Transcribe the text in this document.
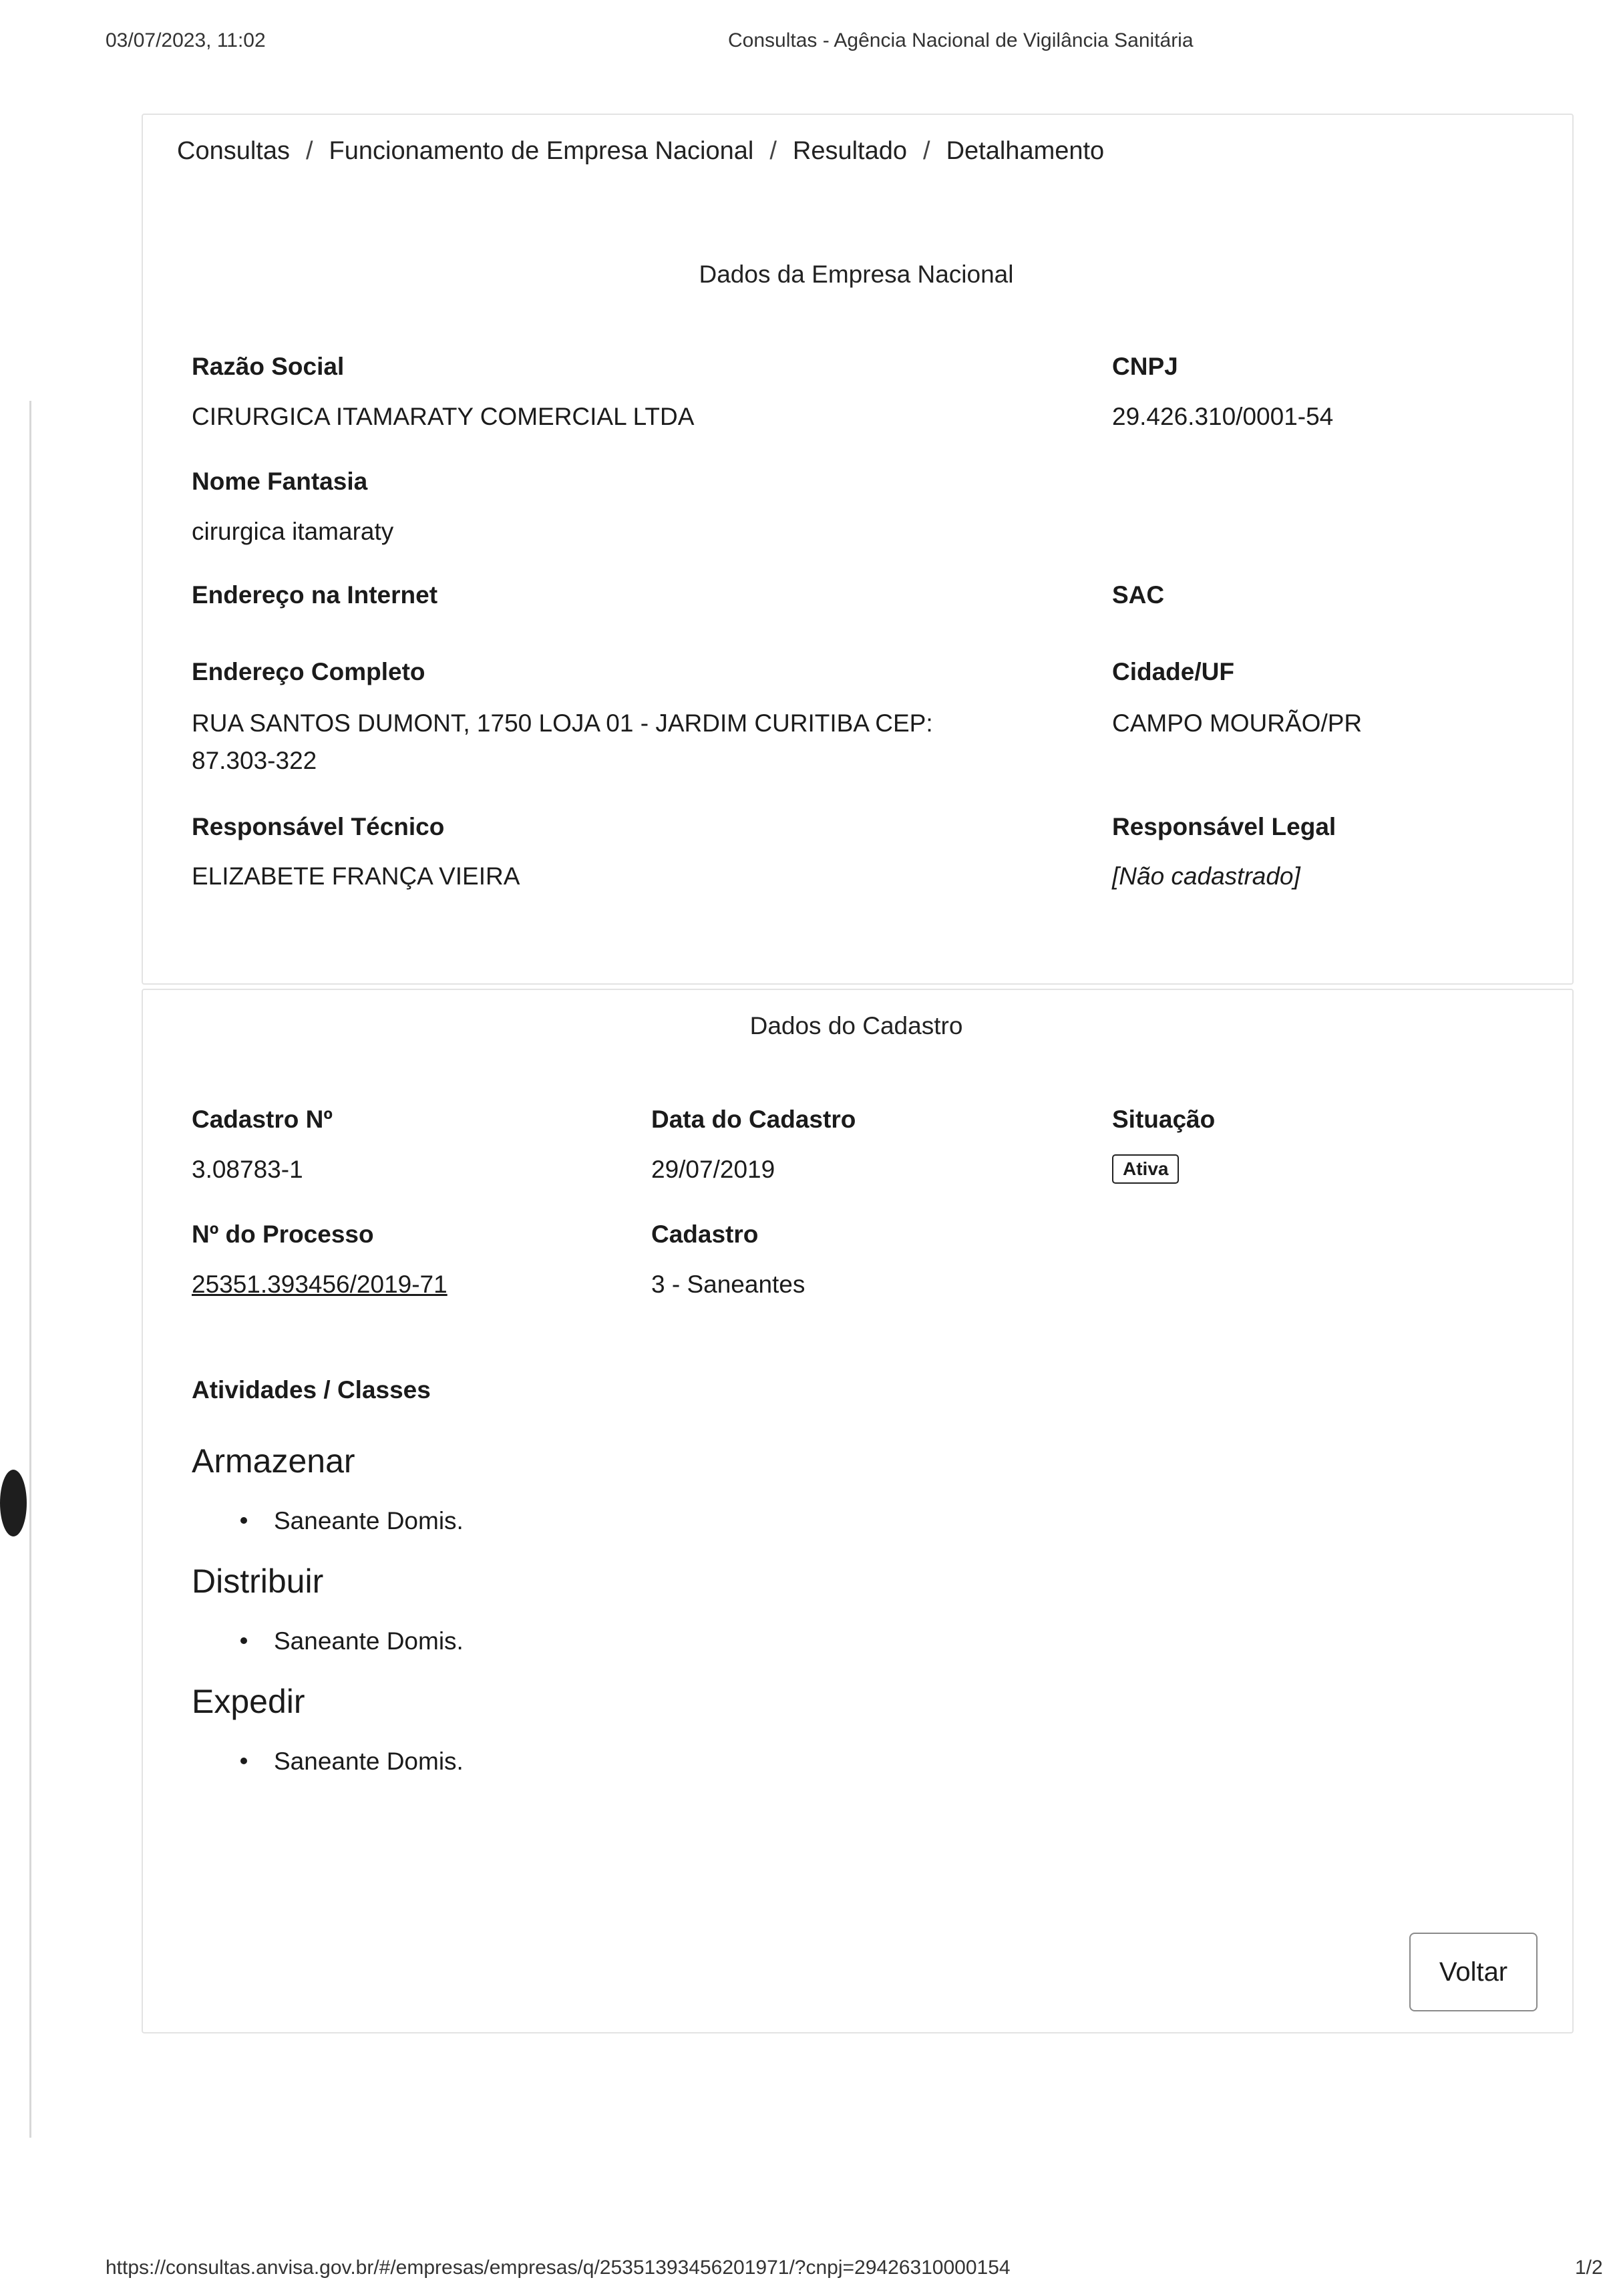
03/07/2023, 11:02	Consultas - Agência Nacional de Vigilância Sanitária
Consultas / Funcionamento de Empresa Nacional / Resultado / Detalhamento
Dados da Empresa Nacional
Razão Social
CIRURGICA ITAMARATY COMERCIAL LTDA
CNPJ
29.426.310/0001-54
Nome Fantasia
cirurgica itamaraty
Endereço na Internet	SAC
Endereço Completo
RUA SANTOS DUMONT, 1750 LOJA 01 - JARDIM CURITIBA CEP:
87.303-322
Cidade/UF
CAMPO MOURÃO/PR
Responsável Técnico
ELIZABETE FRANÇA VIEIRA
Responsável Legal
[Não cadastrado]
Dados do Cadastro
Cadastro Nº
3.08783-1
Data do Cadastro
29/07/2019
Situação
Ativa
Nº do Processo
25351.393456/2019-71
Cadastro
3 - Saneantes
Atividades / Classes
Armazenar
Saneante Domis.
Distribuir
Saneante Domis.
Expedir
Saneante Domis.
Voltar
https://consultas.anvisa.gov.br/#/empresas/empresas/q/25351393456201971/?cnpj=29426310000154	1/2
